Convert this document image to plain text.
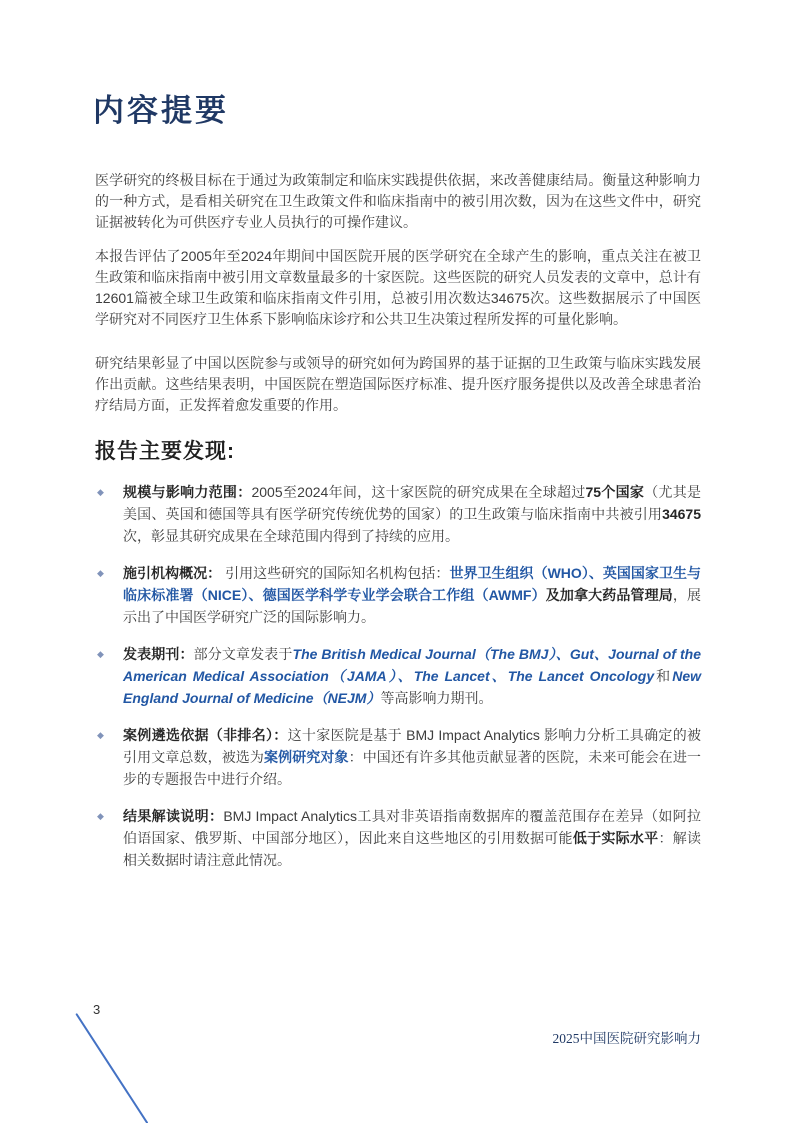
内容提要

医学研究的终极目标在于通过为政策制定和临床实践提供依据，来改善健康结局。衡量这种影响力的一种方式，是看相关研究在卫生政策文件和临床指南中的被引用次数，因为在这些文件中，研究证据被转化为可供医疗专业人员执行的可操作建议。

本报告评估了2005年至2024年期间中国医院开展的医学研究在全球产生的影响，重点关注在被卫生政策和临床指南中被引用文章数量最多的十家医院。这些医院的研究人员发表的文章中，总计有12601篇被全球卫生政策和临床指南文件引用，总被引用次数达34675次。这些数据展示了中国医学研究对不同医疗卫生体系下影响临床诊疗和公共卫生决策过程所发挥的可量化影响。

研究结果彰显了中国以医院参与或领导的研究如何为跨国界的基于证据的卫生政策与临床实践发展作出贡献。这些结果表明，中国医院在塑造国际医疗标准、提升医疗服务提供以及改善全球患者治疗结局方面，正发挥着愈发重要的作用。

报告主要发现:
◆	规模与影响力范围：2005至2024年间，这十家医院的研究成果在全球超过75个国家（尤其是美国、英国和德国等具有医学研究传统优势的国家）的卫生政策与临床指南中共被引用34675次，彰显其研究成果在全球范围内得到了持续的应用。
◆	施引机构概况： 引用这些研究的国际知名机构包括：世界卫生组织（WHO）、英国国家卫生与临床标准署（NICE）、德国医学科学专业学会联合工作组（AWMF）及加拿大药品管理局，展示出了中国医学研究广泛的国际影响力。
◆	发表期刊：部分文章发表于The British Medical Journal（The BMJ）、Gut、Journal of the American Medical Association（JAMA）、The Lancet、The Lancet Oncology和New England Journal of Medicine（NEJM）等高影响力期刊。
◆	案例遴选依据（非排名）：这十家医院是基于 BMJ Impact Analytics 影响力分析工具确定的被引用文章总数，被选为案例研究对象：中国还有许多其他贡献显著的医院，未来可能会在进一步的专题报告中进行介绍。
◆	结果解读说明：BMJ Impact Analytics工具对非英语指南数据库的覆盖范围存在差异（如阿拉伯语国家、俄罗斯、中国部分地区），因此来自这些地区的引用数据可能低于实际水平：解读相关数据时请注意此情况。
3
2025中国医院研究影响力
